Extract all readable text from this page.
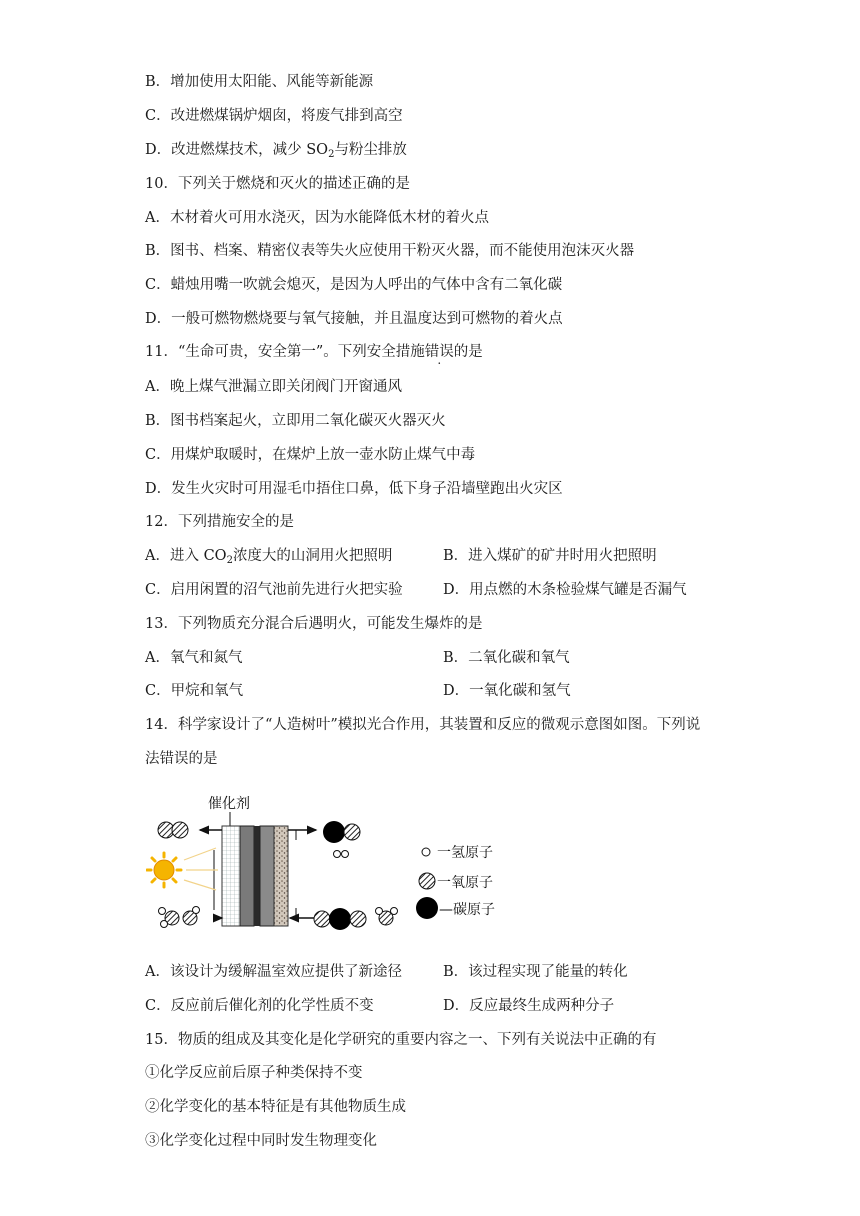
B．增加使用太阳能、风能等新能源
C．改进燃煤锅炉烟囱，将废气排到高空
D．改进燃煤技术，减少 $SO_2$与粉尘排放
10．下列关于燃烧和灭火的描述正确的是
A．木材着火可用水浇灭，因为水能降低木材的着火点
B．图书、档案、精密仪表等失火应使用干粉灭火器，而不能使用泡沫灭火器
C．蜡烛用嘴一吹就会熄灭，是因为人呼出的气体中含有二氧化碳
D．一般可燃物燃烧要与氧气接触，并且温度达到可燃物的着火点
11．“生命可贵，安全第一”。下列安全措施错误的是
A．晚上煤气泄漏立即关闭阀门开窗通风
B．图书档案起火，立即用二氧化碳灭火器灭火
C．用煤炉取暖时，在煤炉上放一壶水防止煤气中毒
D．发生火灾时可用湿毛巾捂住口鼻，低下身子沿墙壁跑出火灾区
12．下列措施安全的是
A．进入 $CO_2$浓度大的山洞用火把照明	B．进入煤矿的矿井时用火把照明
C．启用闲置的沼气池前先进行火把实验	D．用点燃的木条检验煤气罐是否漏气
13．下列物质充分混合后遇明火，可能发生爆炸的是
A．氧气和氮气	B．二氧化碳和氧气
C．甲烷和氧气	D．一氧化碳和氢气
14．科学家设计了“人造树叶”模拟光合作用，其装置和反应的微观示意图如图。下列说
法错误的是
催化剂
一氢原子
一氧原子
—碳原子
A．该设计为缓解温室效应提供了新途径	B．该过程实现了能量的转化
C．反应前后催化剂的化学性质不变	D．反应最终生成两种分子
15．物质的组成及其变化是化学研究的重要内容之一、下列有关说法中正确的有
①化学反应前后原子种类保持不变
②化学变化的基本特征是有其他物质生成
③化学变化过程中同时发生物理变化
